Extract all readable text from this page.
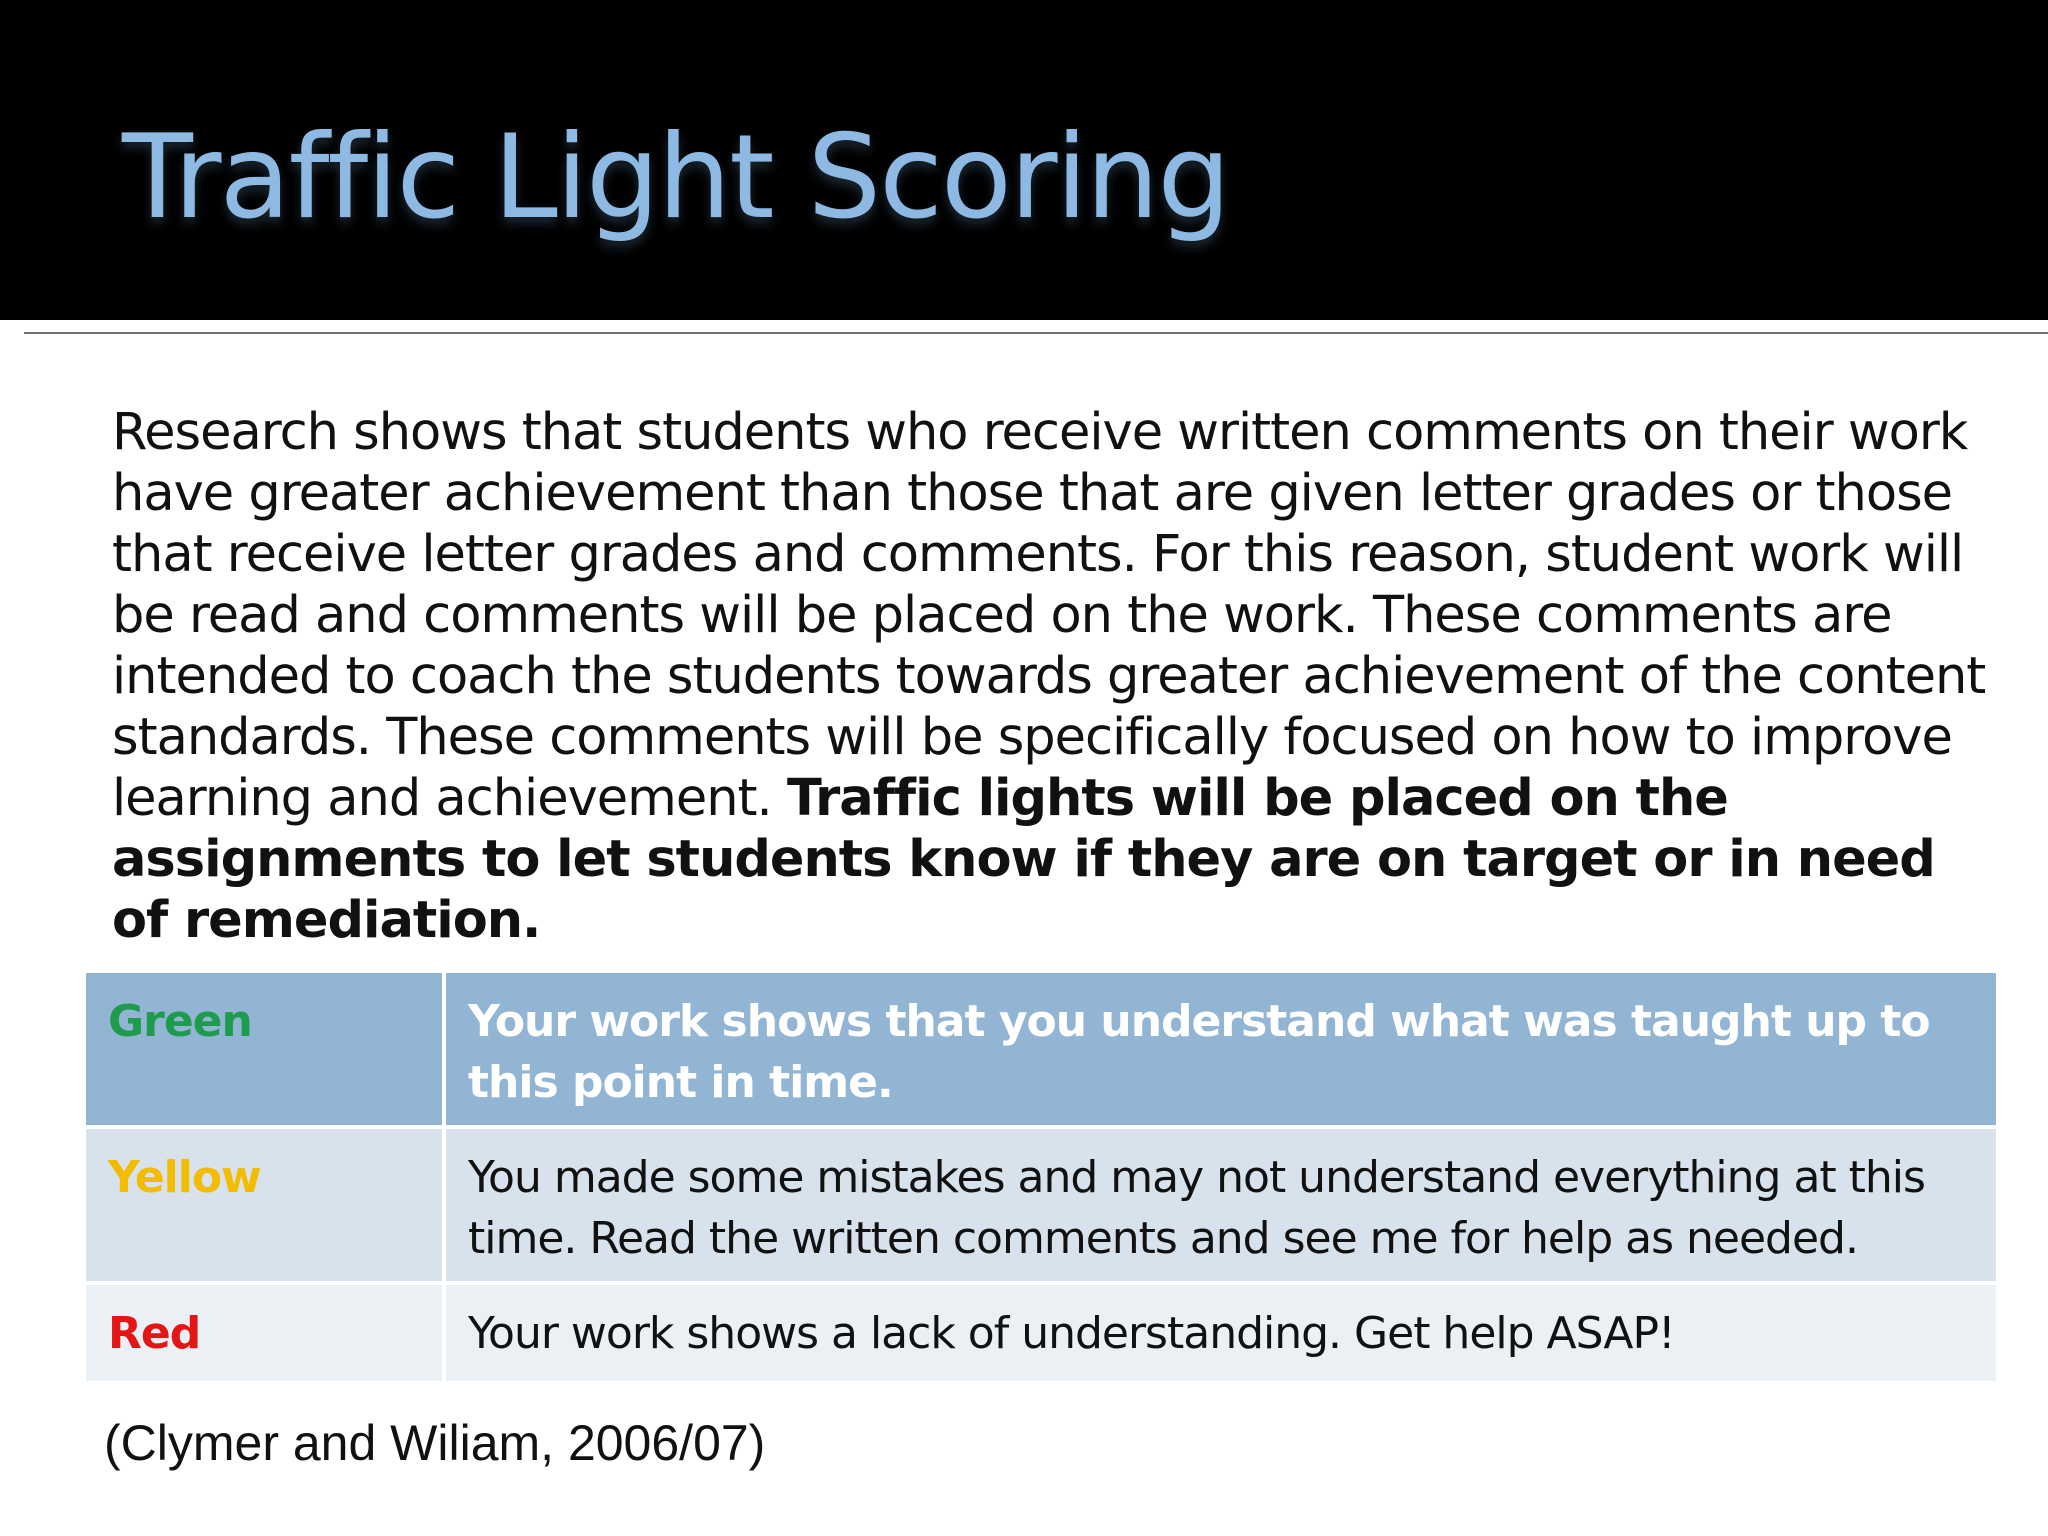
Traffic Light Scoring

Research shows that students who receive written comments on their work have greater achievement than those that are given letter grades or those that receive letter grades and comments. For this reason, student work will be read and comments will be placed on the work. These comments are intended to coach the students towards greater achievement of the content standards. These comments will be specifically focused on how to improve learning and achievement. Traffic lights will be placed on the assignments to let students know if they are on target or in need of remediation.

Green	Your work shows that you understand what was taught up to this point in time.
Yellow	You made some mistakes and may not understand everything at this time. Read the written comments and see me for help as needed.
Red	Your work shows a lack of understanding. Get help ASAP!

(Clymer and Wiliam, 2006/07)
